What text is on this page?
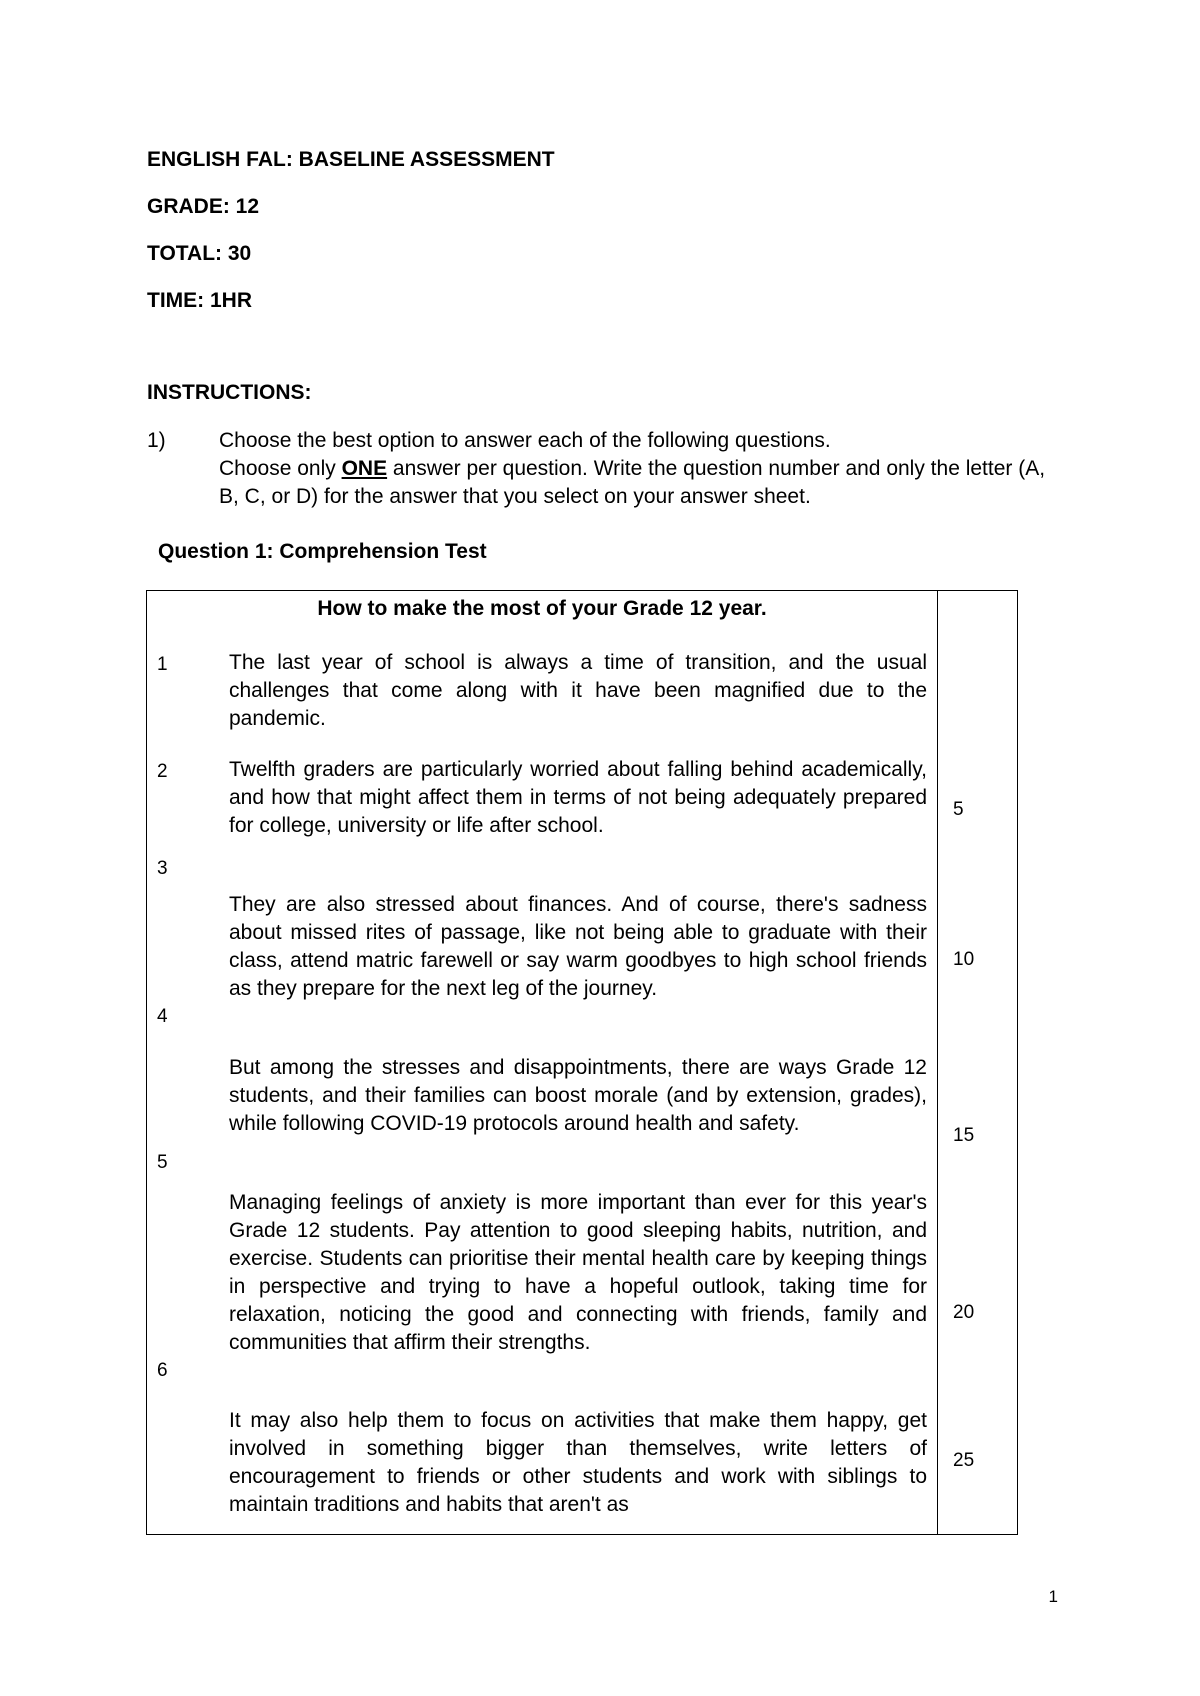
ENGLISH FAL: BASELINE ASSESSMENT
GRADE: 12
TOTAL: 30
TIME: 1HR
INSTRUCTIONS:
1)	Choose the best option to answer each of the following questions.
Choose only ONE answer per question. Write the question number and only the letter (A, B, C, or D) for the answer that you select on your answer sheet.
Question 1: Comprehension Test
How to make the most of your Grade 12 year.
The last year of school is always a time of transition, and the usual challenges that come along with it have been magnified due to the pandemic.
Twelfth graders are particularly worried about falling behind academically, and how that might affect them in terms of not being adequately prepared for college, university or life after school.
They are also stressed about finances. And of course, there's sadness about missed rites of passage, like not being able to graduate with their class, attend matric farewell or say warm goodbyes to high school friends as they prepare for the next leg of the journey.
But among the stresses and disappointments, there are ways Grade 12 students, and their families can boost morale (and by extension, grades), while following COVID-19 protocols around health and safety.
Managing feelings of anxiety is more important than ever for this year's Grade 12 students. Pay attention to good sleeping habits, nutrition, and exercise. Students can prioritise their mental health care by keeping things in perspective and trying to have a hopeful outlook, taking time for relaxation, noticing the good and connecting with friends, family and communities that affirm their strengths.
It may also help them to focus on activities that make them happy, get involved in something bigger than themselves, write letters of encouragement to friends or other students and work with siblings to maintain traditions and habits that aren't as
1
2
3
4
5
6
5
10
15
20
25
1
